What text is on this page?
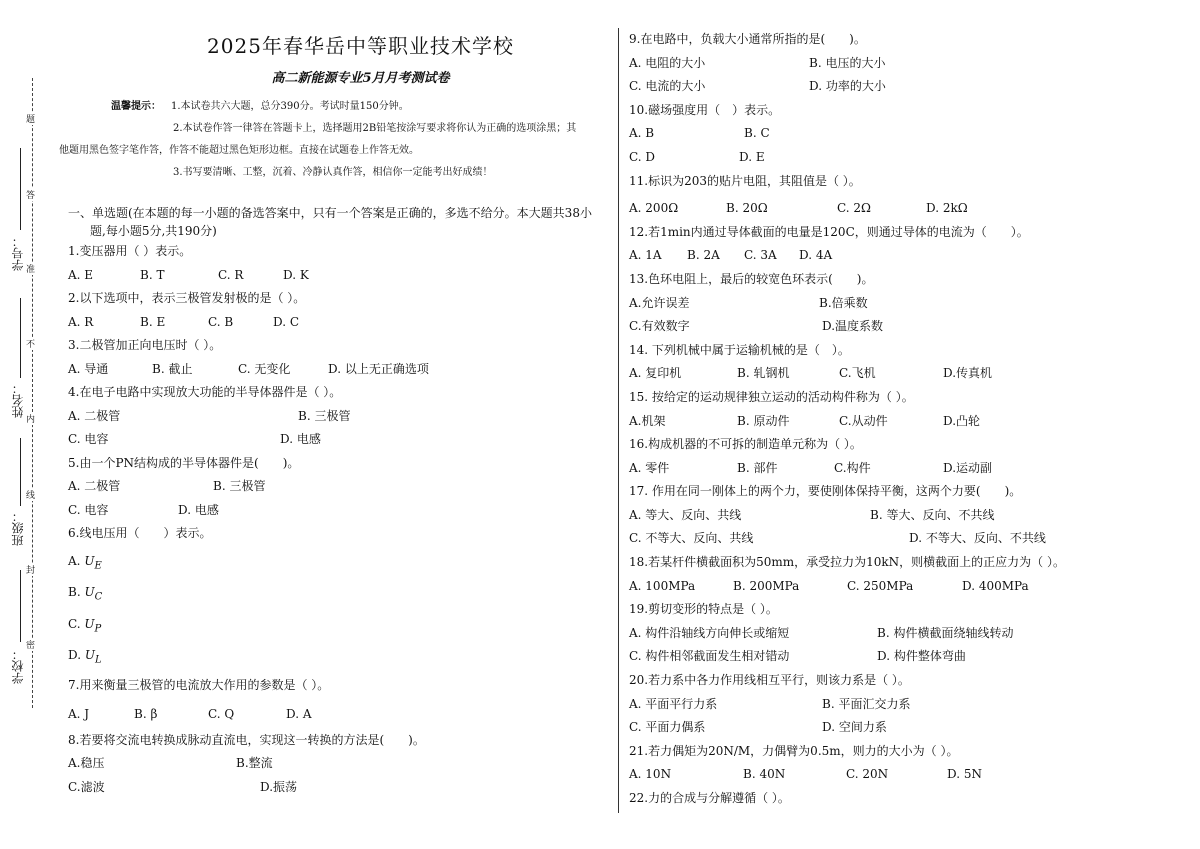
题
答
准
不
内
线
封
密
学号：
姓名：
班级：
学校：
2025年春华岳中等职业技术学校
高二新能源专业5月月考测试卷
温馨提示： 1.本试卷共六大题，总分390分。考试时量150分钟。
2.本试卷作答一律答在答题卡上，选择题用2B铅笔按涂写要求将你认为正确的选项涂黑；其
他题用黑色签字笔作答，作答不能超过黑色矩形边框。直接在试题卷上作答无效。
3.书写要清晰、工整，沉着、冷静认真作答，相信你一定能考出好成绩！
一、单选题(在本题的每一小题的备选答案中，只有一个答案是正确的，多选不给分。本大题共38小
题,每小题5分,共190分)
1.变压器用（ ）表示。
A. E	B. T	C. R	D. K
2.以下选项中，表示三极管发射极的是（ ）。
A. R	B. E	C. B	D. C
3.二极管加正向电压时（ ）。
A. 导通	B. 截止	C. 无变化	D. 以上无正确选项
4.在电子电路中实现放大功能的半导体器件是（ ）。
A. 二极管	B. 三极管
C. 电容	D. 电感
5.由一个PN结构成的半导体器件是(　　)。
A. 二极管	B. 三极管
C. 电容	D. 电感
6.线电压用（　　）表示。
A. $U_E$
B. $U_C$
C. $U_P$
D. $U_L$
7.用来衡量三极管的电流放大作用的参数是（ ）。
A. J	B. β	C. Q	D. A
8.若要将交流电转换成脉动直流电，实现这一转换的方法是(　　)。
A.稳压	B.整流
C.滤波	D.振荡
9.在电路中，负载大小通常所指的是(　　)。
A. 电阻的大小	B. 电压的大小
C. 电流的大小	D. 功率的大小
10.磁场强度用（　）表示。
A. B	B. C
C. D	D. E
11.标识为203的贴片电阻，其阻值是（ ）。
A. 200Ω	B. 20Ω	C. 2Ω	D. 2kΩ
12.若1min内通过导体截面的电量是120C，则通过导体的电流为（　　）。
A. 1A B. 2A C. 3A D. 4A
13.色环电阻上，最后的较宽色环表示(　　)。
A.允许误差	B.倍乘数
C.有效数字	D.温度系数
14. 下列机械中属于运输机械的是（　）。
A. 复印机	B. 轧钢机	C.飞机	D.传真机
15. 按给定的运动规律独立运动的活动构件称为（ ）。
A.机架	B. 原动件	C.从动件	D.凸轮
16.构成机器的不可拆的制造单元称为（ ）。
A. 零件	B. 部件	C.构件	D.运动副
17. 作用在同一刚体上的两个力，要使刚体保持平衡，这两个力要(　　)。
A. 等大、反向、共线	B. 等大、反向、不共线
C. 不等大、反向、共线	D. 不等大、反向、不共线
18.若某杆件横截面积为50mm，承受拉力为10kN，则横截面上的正应力为（ ）。
A. 100MPa	B. 200MPa	C. 250MPa	D. 400MPa
19.剪切变形的特点是（ ）。
A. 构件沿轴线方向伸长或缩短	B. 构件横截面绕轴线转动
C. 构件相邻截面发生相对错动	D. 构件整体弯曲
20.若力系中各力作用线相互平行，则该力系是（ ）。
A. 平面平行力系	B. 平面汇交力系
C. 平面力偶系	D. 空间力系
21.若力偶矩为20N/M，力偶臂为0.5m，则力的大小为（ ）。
A. 10N	B. 40N	C. 20N	D. 5N
22.力的合成与分解遵循（ ）。
